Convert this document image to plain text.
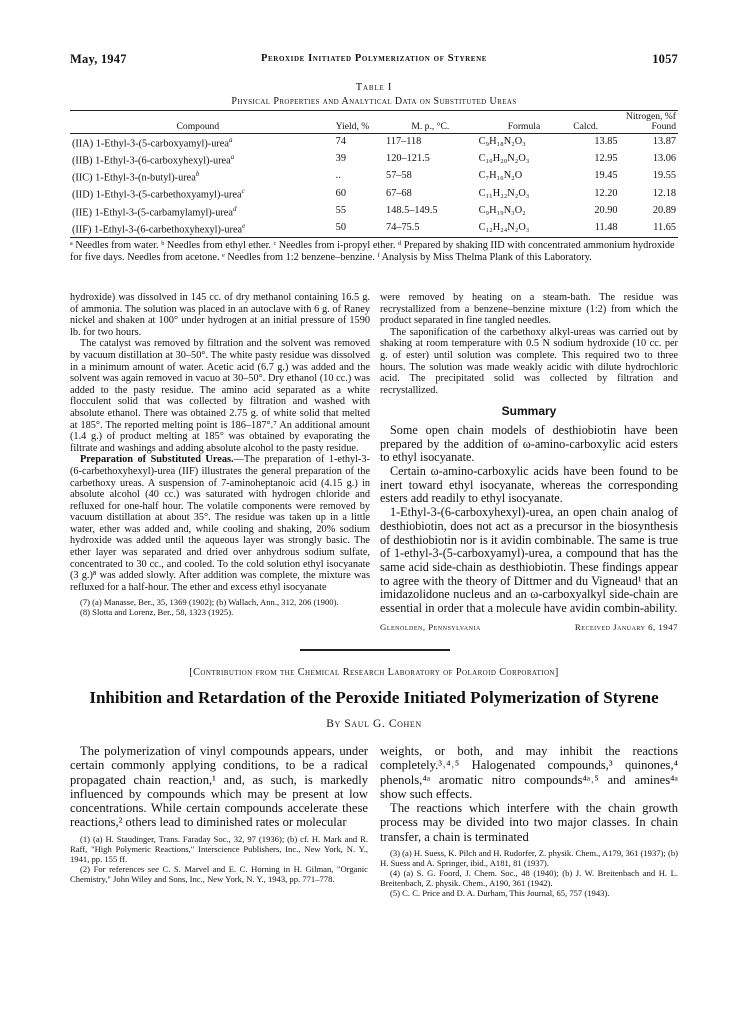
May, 1947	Peroxide Initiated Polymerization of Styrene	1057
Table I
Physical Properties and Analytical Data on Substituted Ureas
Compound	Yield, %	M. p., °C.	Formula	Nitrogen, %f
Calcd. Found	

(IIA) 1-Ethyl-3-(5-carboxyamyl)-urea$^a$	74	117–118	C₉H₁₈N₂O₃	13.85	13.87
(IIB) 1-Ethyl-3-(6-carboxyhexyl)-urea$^a$	39	120–121.5	C₁₀H₂₀N₂O₃	12.95	13.06
(IIC) 1-Ethyl-3-(n-butyl)-urea$^b$	..	57–58	C₇H₁₆N₂O	19.45	19.55
(IID) 1-Ethyl-3-(5-carbethoxyamyl)-urea$^c$	60	67–68	C₁₁H₂₂N₂O₃	12.20	12.18
(IIE) 1-Ethyl-3-(5-carbamylamyl)-urea$^d$	55	148.5–149.5	C₉H₁₉N₃O₂	20.90	20.89
(IIF) 1-Ethyl-3-(6-carbethoxyhexyl)-urea$^e$	50	74–75.5	C₁₂H₂₄N₂O₃	11.48	11.65
ᵃ Needles from water. ᵇ Needles from ethyl ether. ᶜ Needles from i-propyl ether. ᵈ Prepared by shaking IID with concentrated ammonium hydroxide for five days. Needles from acetone. ᵉ Needles from 1:2 benzene–benzine. ᶠ Analysis by Miss Thelma Plank of this Laboratory.

hydroxide) was dissolved in 145 cc. of dry methanol containing 16.5 g. of ammonia. The solution was placed in an autoclave with 6 g. of Raney nickel and shaken at 100° under hydrogen at an initial pressure of 1590 lb. for two hours.

The catalyst was removed by filtration and the solvent was removed by vacuum distillation at 30–50°. The white pasty residue was dissolved in a minimum amount of water. Acetic acid (6.7 g.) was added and the solvent was again removed in vacuo at 30–50°. Dry ethanol (10 cc.) was added to the pasty residue. The amino acid separated as a white flocculent solid that was collected by filtration and washed with absolute ethanol. There was obtained 2.75 g. of white solid that melted at 185°. The reported melting point is 186–187°.⁷ An additional amount (1.4 g.) of product melting at 185° was obtained by evaporating the filtrate and washings and adding absolute alcohol to the pasty residue.

Preparation of Substituted Ureas.—The preparation of 1-ethyl-3-(6-carbethoxyhexyl)-urea (IIF) illustrates the general preparation of the carbethoxy ureas. A suspension of 7-aminoheptanoic acid (4.15 g.) in absolute alcohol (40 cc.) was saturated with hydrogen chloride and refluxed for one-half hour. The volatile components were removed by vacuum distillation at about 35°. The residue was taken up in a little water, ether was added and, while cooling and shaking, 20% sodium hydroxide was added until the aqueous layer was strongly basic. The ether layer was separated and dried over anhydrous sodium sulfate, concentrated to 30 cc., and cooled. To the cold solution ethyl isocyanate (3 g.)⁸ was added slowly. After addition was complete, the mixture was refluxed for a half-hour. The ether and excess ethyl isocyanate

(7) (a) Manasse, Ber., 35, 1369 (1902); (b) Wallach, Ann., 312, 206 (1900).

(8) Slotta and Lorenz, Ber., 58, 1323 (1925).

were removed by heating on a steam-bath. The residue was recrystallized from a benzene–benzine mixture (1:2) from which the product separated in fine tangled needles.

The saponification of the carbethoxy alkyl-ureas was carried out by shaking at room temperature with 0.5 N sodium hydroxide (10 cc. per g. of ester) until solution was complete. This required two to three hours. The solution was made weakly acidic with dilute hydrochloric acid. The precipitated solid was collected by filtration and recrystallized.

Summary

Some open chain models of desthiobiotin have been prepared by the addition of ω-amino-carboxylic acid esters to ethyl isocyanate.

Certain ω-amino-carboxylic acids have been found to be inert toward ethyl isocyanate, whereas the corresponding esters add readily to ethyl isocyanate.

1-Ethyl-3-(6-carboxyhexyl)-urea, an open chain analog of desthiobiotin, does not act as a precursor in the biosynthesis of desthiobiotin nor is it avidin combinable. The same is true of 1-ethyl-3-(5-carboxyamyl)-urea, a compound that has the same acid side-chain as desthiobiotin. These findings appear to agree with the theory of Dittmer and du Vigneaud¹ that an imidazolidone nucleus and an ω-carboxyalkyl side-chain are essential in order that a molecule have avidin combin-ability.

Glenolden, Pennsylvania	Received January 6, 1947
[Contribution from the Chemical Research Laboratory of Polaroid Corporation]
Inhibition and Retardation of the Peroxide Initiated Polymerization of Styrene
By Saul G. Cohen

The polymerization of vinyl compounds appears, under certain commonly applying conditions, to be a radical propagated chain reaction,¹ and, as such, is markedly influenced by compounds which may be present at low concentrations. While certain compounds accelerate these reactions,² others lead to diminished rates or molecular

(1) (a) H. Staudinger, Trans. Faraday Soc., 32, 97 (1936); (b) cf. H. Mark and R. Raff, "High Polymeric Reactions," Interscience Publishers, Inc., New York, N. Y., 1941, pp. 155 ff.

(2) For references see C. S. Marvel and E. C. Horning in H. Gilman, "Organic Chemistry," John Wiley and Sons, Inc., New York, N. Y., 1943, pp. 771–778.

weights, or both, and may inhibit the reactions completely.³˒⁴˒⁵ Halogenated compounds,³ quinones,⁴ phenols,⁴ᵃ aromatic nitro compounds⁴ᵃ˒⁵ and amines⁴ᵃ show such effects.

The reactions which interfere with the chain growth process may be divided into two major classes. In chain transfer, a chain is terminated

(3) (a) H. Suess, K. Pilch and H. Rudorfer, Z. physik. Chem., A179, 361 (1937); (b) H. Suess and A. Springer, ibid., A181, 81 (1937).

(4) (a) S. G. Foord, J. Chem. Soc., 48 (1940); (b) J. W. Breitenbach and H. L. Breitenbach, Z. physik. Chem., A190, 361 (1942).

(5) C. C. Price and D. A. Durham, This Journal, 65, 757 (1943).
